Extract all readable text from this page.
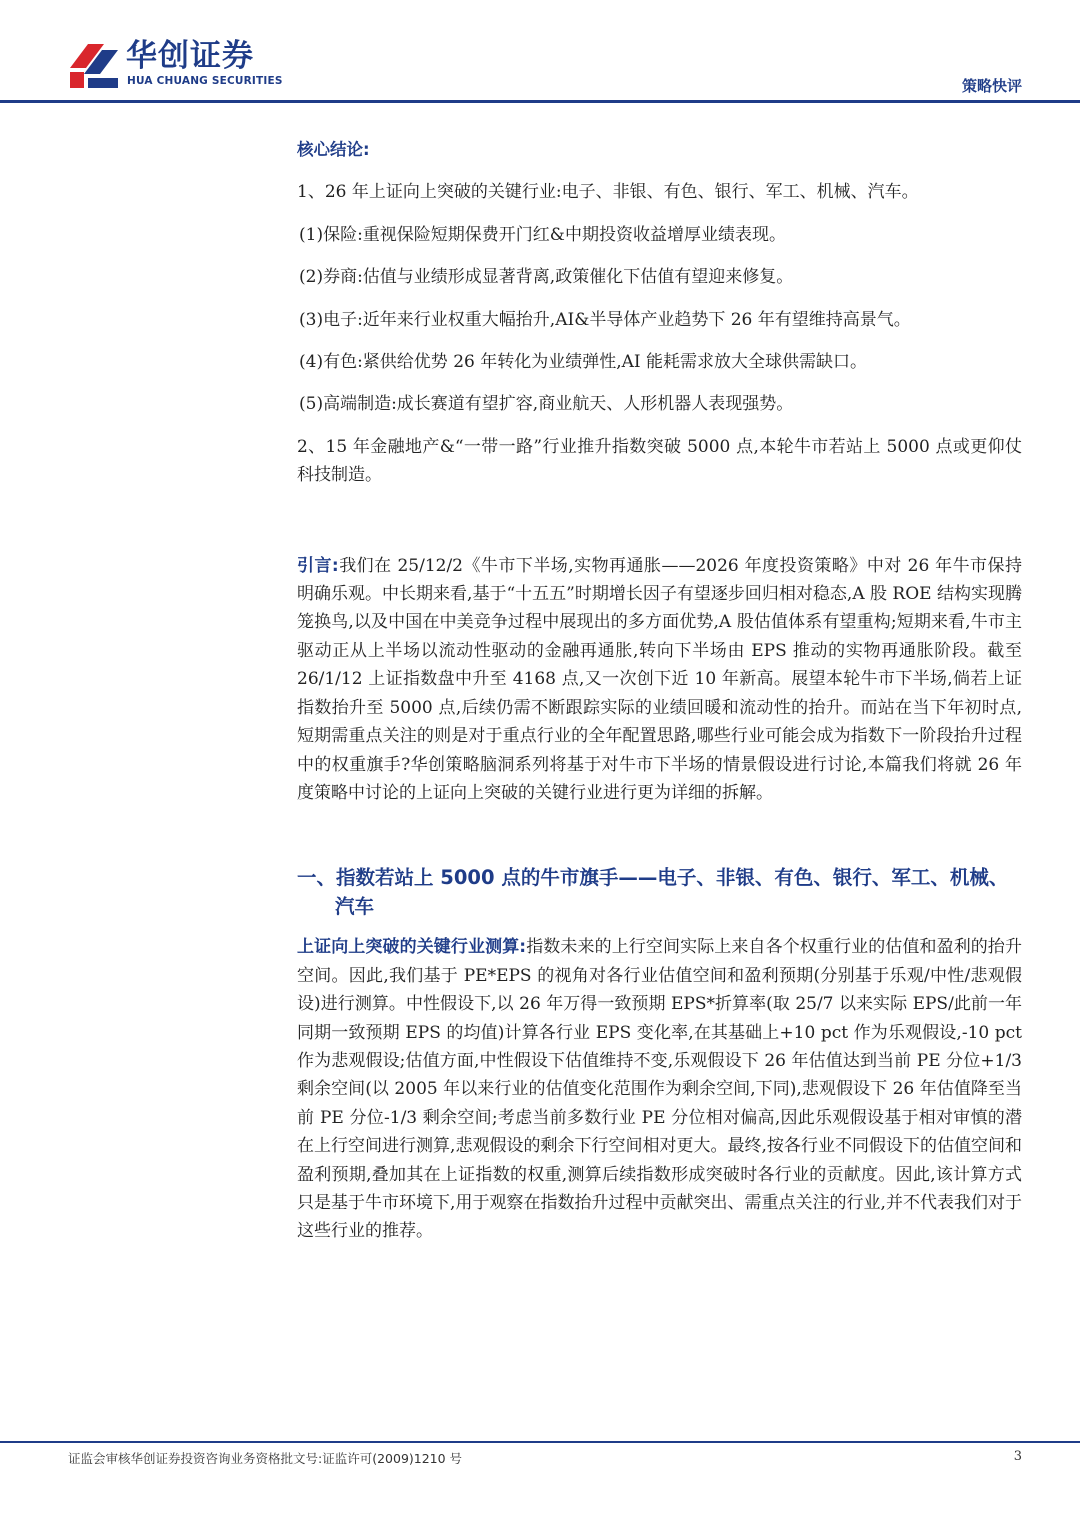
华创证券
HUA CHUANG SECURITIES	策略快评

核心结论:

1、26 年上证向上突破的关键行业:电子、非银、有色、银行、军工、机械、汽车。

(1)保险:重视保险短期保费开门红&中期投资收益增厚业绩表现。

(2)券商:估值与业绩形成显著背离,政策催化下估值有望迎来修复。

(3)电子:近年来行业权重大幅抬升,AI&半导体产业趋势下 26 年有望维持高景气。

(4)有色:紧供给优势 26 年转化为业绩弹性,AI 能耗需求放大全球供需缺口。

(5)高端制造:成长赛道有望扩容,商业航天、人形机器人表现强势。

2、15 年金融地产&“一带一路”行业推升指数突破 5000 点,本轮牛市若站上 5000 点或更仰仗科技制造。

引言:我们在 25/12/2《牛市下半场,实物再通胀——2026 年度投资策略》中对 26 年牛市保持明确乐观。中长期来看,基于“十五五”时期增长因子有望逐步回归相对稳态,A 股 ROE 结构实现腾笼换鸟,以及中国在中美竞争过程中展现出的多方面优势,A 股估值体系有望重构;短期来看,牛市主驱动正从上半场以流动性驱动的金融再通胀,转向下半场由 EPS 推动的实物再通胀阶段。截至 26/1/12 上证指数盘中升至 4168 点,又一次创下近 10 年新高。展望本轮牛市下半场,倘若上证指数抬升至 5000 点,后续仍需不断跟踪实际的业绩回暖和流动性的抬升。而站在当下年初时点,短期需重点关注的则是对于重点行业的全年配置思路,哪些行业可能会成为指数下一阶段抬升过程中的权重旗手?华创策略脑洞系列将基于对牛市下半场的情景假设进行讨论,本篇我们将就 26 年度策略中讨论的上证向上突破的关键行业进行更为详细的拆解。

一、指数若站上 5000 点的牛市旗手——电子、非银、有色、银行、军工、机械、汽车

上证向上突破的关键行业测算:指数未来的上行空间实际上来自各个权重行业的估值和盈利的抬升空间。因此,我们基于 PE*EPS 的视角对各行业估值空间和盈利预期(分别基于乐观/中性/悲观假设)进行测算。中性假设下,以 26 年万得一致预期 EPS*折算率(取 25/7 以来实际 EPS/此前一年同期一致预期 EPS 的均值)计算各行业 EPS 变化率,在其基础上+10 pct 作为乐观假设,-10 pct 作为悲观假设;估值方面,中性假设下估值维持不变,乐观假设下 26 年估值达到当前 PE 分位+1/3 剩余空间(以 2005 年以来行业的估值变化范围作为剩余空间,下同),悲观假设下 26 年估值降至当前 PE 分位-1/3 剩余空间;考虑当前多数行业 PE 分位相对偏高,因此乐观假设基于相对审慎的潜在上行空间进行测算,悲观假设的剩余下行空间相对更大。最终,按各行业不同假设下的估值空间和盈利预期,叠加其在上证指数的权重,测算后续指数形成突破时各行业的贡献度。因此,该计算方式只是基于牛市环境下,用于观察在指数抬升过程中贡献突出、需重点关注的行业,并不代表我们对于这些行业的推荐。

证监会审核华创证券投资咨询业务资格批文号:证监许可(2009)1210 号	3
